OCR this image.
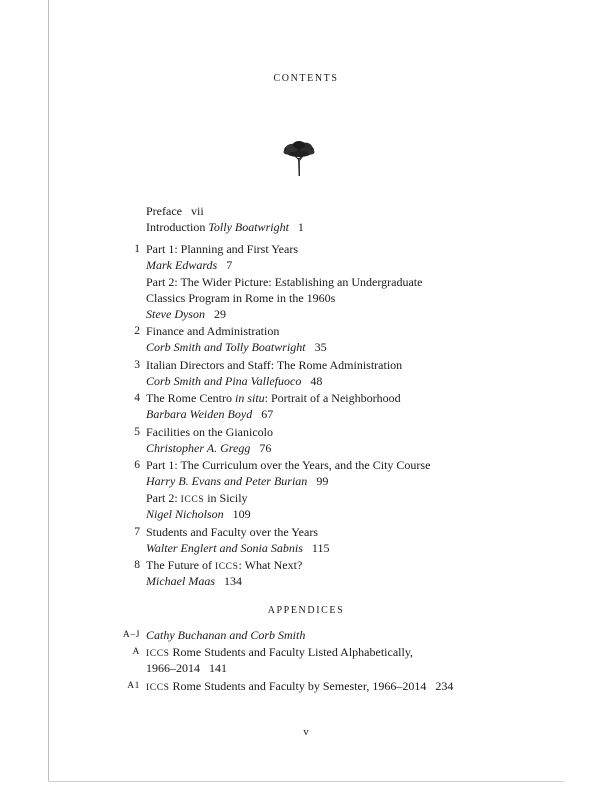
CONTENTS
Preface vii
Introduction Tolly Boatwright 1
1 Part 1: Planning and First Years
Mark Edwards 7
Part 2: The Wider Picture: Establishing an Undergraduate
Classics Program in Rome in the 1960s
Steve Dyson 29
2 Finance and Administration
Corb Smith and Tolly Boatwright 35
3 Italian Directors and Staff: The Rome Administration
Corb Smith and Pina Vallefuoco 48
4 The Rome Centro in situ: Portrait of a Neighborhood
Barbara Weiden Boyd 67
5 Facilities on the Gianicolo
Christopher A. Gregg 76
6 Part 1: The Curriculum over the Years, and the City Course
Harry B. Evans and Peter Burian 99
Part 2: ICCS in Sicily
Nigel Nicholson 109
7 Students and Faculty over the Years
Walter Englert and Sonia Sabnis 115
8 The Future of ICCS: What Next?
Michael Maas 134
APPENDICES
A–J Cathy Buchanan and Corb Smith
A ICCS Rome Students and Faculty Listed Alphabetically,
1966–2014 141
A1 ICCS Rome Students and Faculty by Semester, 1966–2014 234
v
